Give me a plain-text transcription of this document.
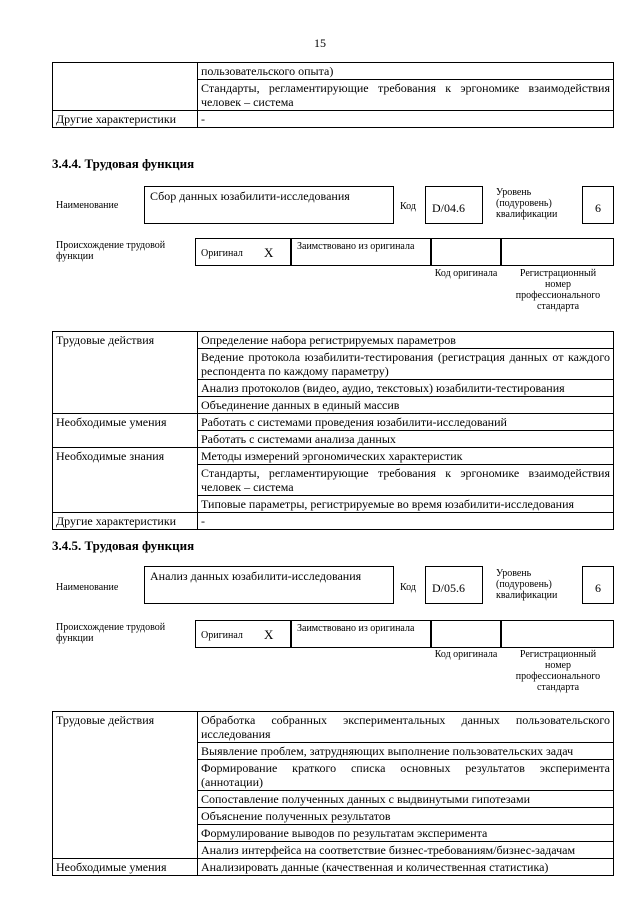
15
	пользовательского опыта)
	Стандарты, регламентирующие требования к эргономике взаимодействия человек – система
Другие характеристики	-
3.4.4. Трудовая функция
Наименование
Сбор данных юзабилити-исследования
Код D/04.6
Уровень (подуровень) квалификации	6
Происхождение трудовой функции	Оригинал X Заимствовано из оригинала
Код оригинала	Регистрационный номер профессионального стандарта
Трудовые действия	Определение набора регистрируемых параметров
	Ведение протокола юзабилити-тестирования (регистрация данных от каждого респондента по каждому параметру)
	Анализ протоколов (видео, аудио, текстовых) юзабилити-тестирования
	Объединение данных в единый массив
Необходимые умения	Работать с системами проведения юзабилити-исследований
	Работать с системами анализа данных
Необходимые знания	Методы измерений эргономических характеристик
	Стандарты, регламентирующие требования к эргономике взаимодействия человек – система
	Типовые параметры, регистрируемые во время юзабилити-исследования
Другие характеристики	-
3.4.5. Трудовая функция
Наименование
Анализ данных юзабилити-исследования
Код D/05.6
Уровень (подуровень) квалификации
6
Происхождение трудовой функции	Оригинал X Заимствовано из оригинала
Код оригинала	Регистрационный номер профессионального стандарта
Трудовые действия	Обработка собранных экспериментальных данных пользовательского исследования
	Выявление проблем, затрудняющих выполнение пользовательских задач
	Формирование краткого списка основных результатов эксперимента (аннотации)
	Сопоставление полученных данных с выдвинутыми гипотезами
	Объяснение полученных результатов
	Формулирование выводов по результатам эксперимента
	Анализ интерфейса на соответствие бизнес-требованиям/бизнес-задачам
Необходимые умения	Анализировать данные (качественная и количественная статистика)
